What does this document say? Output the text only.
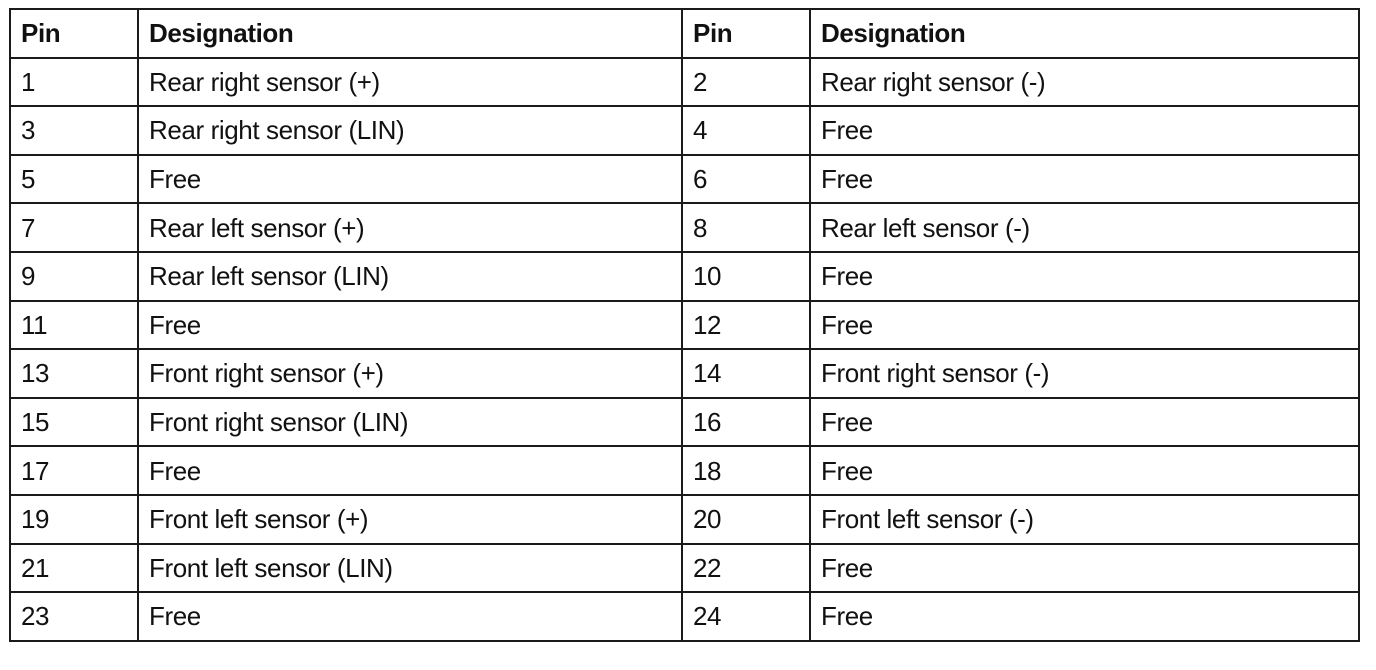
Pin	Designation	Pin	Designation
1	Rear right sensor (+)	2	Rear right sensor (-)
3	Rear right sensor (LIN)	4	Free
5	Free	6	Free
7	Rear left sensor (+)	8	Rear left sensor (-)
9	Rear left sensor (LIN)	10	Free
11	Free	12	Free
13	Front right sensor (+)	14	Front right sensor (-)
15	Front right sensor (LIN)	16	Free
17	Free	18	Free
19	Front left sensor (+)	20	Front left sensor (-)
21	Front left sensor (LIN)	22	Free
23	Free	24	Free
